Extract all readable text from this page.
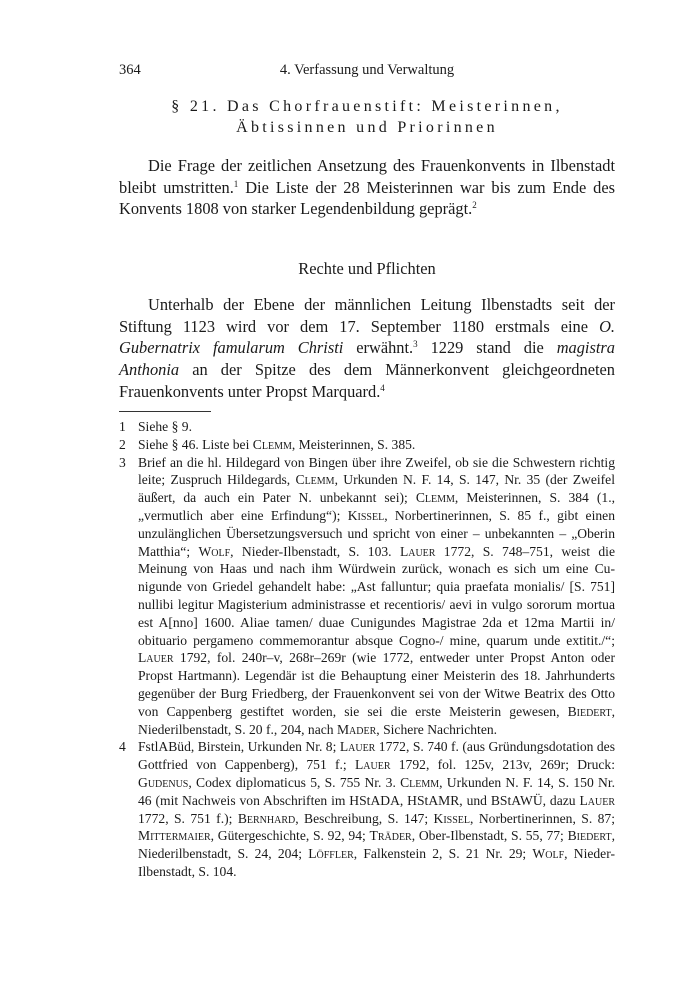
364	4. Verfassung und Verwaltung
§ 21. Das Chorfrauenstift: Meisterinnen,
Äbtissinnen und Priorinnen
Die Frage der zeitlichen Ansetzung des Frauenkonvents in Ilbenstadt bleibt umstritten.$^1$ Die Liste der 28 Meisterinnen war bis zum Ende des Konvents 1808 von starker Legendenbildung geprägt.$^2$
Rechte und Pflichten
Unterhalb der Ebene der männlichen Leitung Ilbenstadts seit der Stiftung 1123 wird vor dem 17. September 1180 erstmals eine O. Gubernatrix famularum Christi erwähnt.$^3$ 1229 stand die magistra Anthonia an der Spitze des dem Männerkonvent gleichgeordneten Frauenkonvents unter Propst Marquard.$^4$
1 Siehe § 9.
2 Siehe § 46. Liste bei Clemm, Meisterinnen, S. 385.
3 Brief an die hl. Hildegard von Bingen über ihre Zweifel, ob sie die Schwestern richtig leite; Zuspruch Hildegards, Clemm, Urkunden N. F. 14, S. 147, Nr. 35 (der Zweifel äußert, da auch ein Pater N. unbekannt sei); Clemm, Meisterinnen, S. 384 (1., „vermutlich aber eine Erfindung“); Kissel, Norbertinerinnen, S. 85 f., gibt einen unzulänglichen Übersetzungsversuch und spricht von einer – unbekannten – „Oberin Matthia“; Wolf, Nieder-Ilbenstadt, S. 103. Lauer 1772, S. 748–751, weist die Meinung von Haas und nach ihm Würdwein zurück, wonach es sich um eine Cunigunde von Griedel gehandelt habe: „Ast falluntur; quia praefata monialis/ [S. 751] nullibi legitur Magisterium administrasse et recentioris/ aevi in vulgo sororum mortua est A[nno] 1600. Aliae tamen/ duae Cunigundes Magistrae 2da et 12ma Martii in/ obituario pergameno commemorantur absque Cogno-/ mine, quarum unde extitit./“; Lauer 1792, fol. 240r–v, 268r–269r (wie 1772, entweder unter Propst Anton oder Propst Hartmann). Legendär ist die Behauptung einer Meisterin des 18. Jahrhunderts gegenüber der Burg Friedberg, der Frauenkonvent sei von der Witwe Beatrix des Otto von Cappenberg gestiftet worden, sie sei die erste Meisterin gewesen, Biedert, Niederilbenstadt, S. 20 f., 204, nach Mader, Sichere Nachrichten.
4 FstlABüd, Birstein, Urkunden Nr. 8; Lauer 1772, S. 740 f. (aus Gründungsdotation des Gottfried von Cappenberg), 751 f.; Lauer 1792, fol. 125v, 213v, 269r; Druck: Gudenus, Codex diplomaticus 5, S. 755 Nr. 3. Clemm, Urkunden N. F. 14, S. 150 Nr. 46 (mit Nachweis von Abschriften im HStADA, HStAMR, und BStAWÜ, dazu Lauer 1772, S. 751 f.); Bernhard, Beschreibung, S. 147; Kissel, Norbertinerinnen, S. 87; Mittermaier, Gütergeschichte, S. 92, 94; Träder, Ober-Ilbenstadt, S. 55, 77; Biedert, Niederilbenstadt, S. 24, 204; Löffler, Falkenstein 2, S. 21 Nr. 29; Wolf, Nieder-Ilbenstadt, S. 104.
